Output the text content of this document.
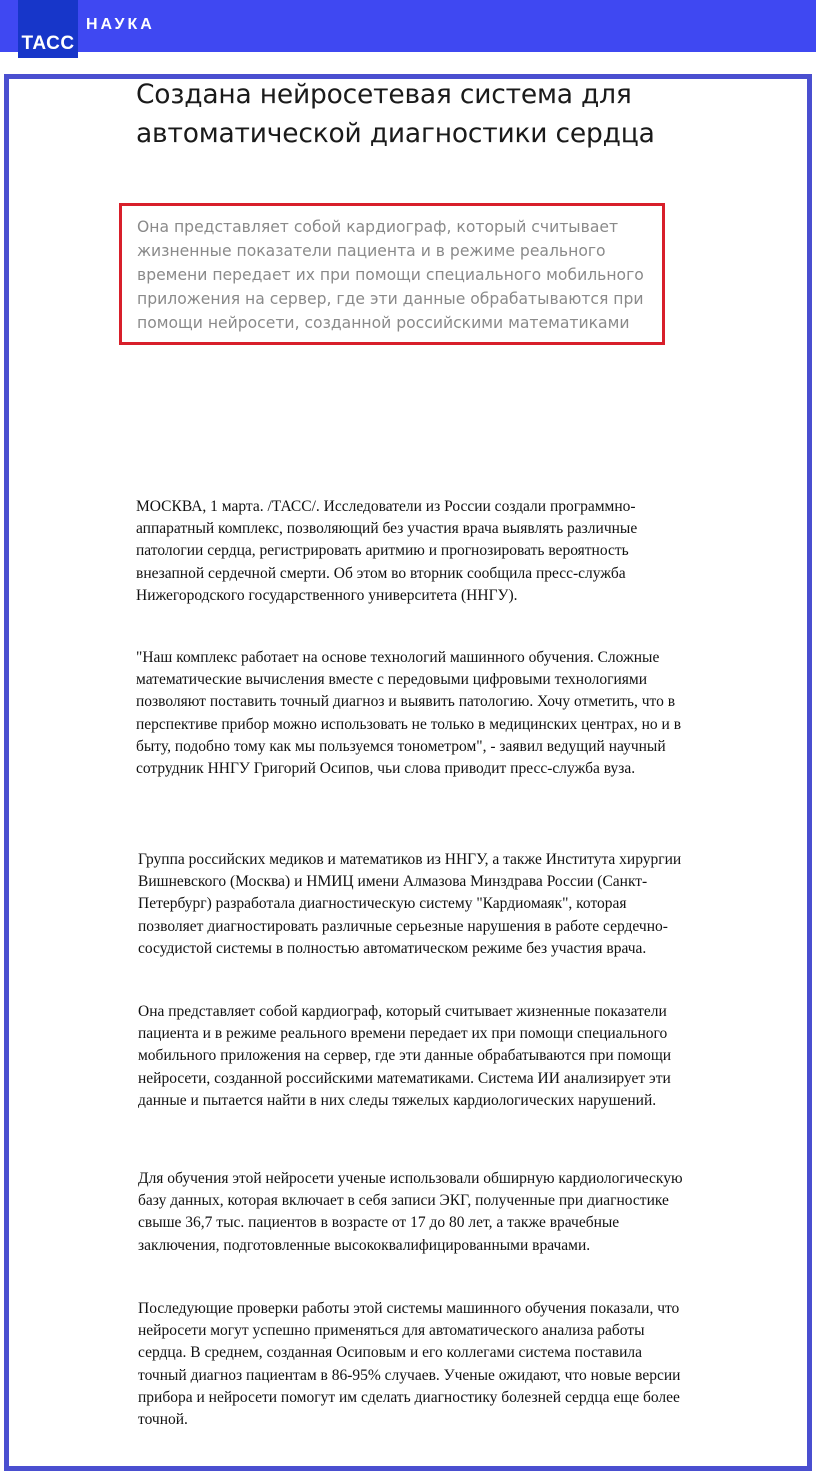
ТАСС
НАУКА
Создана нейросетевая система для автоматической диагностики сердца

Она представляет собой кардиограф, который считывает жизненные показатели пациента и в режиме реального времени передает их при помощи специального мобильного приложения на сервер, где эти данные обрабатываются при помощи нейросети, созданной российскими математиками

МОСКВА, 1 марта. /ТАСС/. Исследователи из России создали программно-аппаратный комплекс, позволяющий без участия врача выявлять различные патологии сердца, регистрировать аритмию и прогнозировать вероятность внезапной сердечной смерти. Об этом во вторник сообщила пресс-служба Нижегородского государственного университета (ННГУ).

"Наш комплекс работает на основе технологий машинного обучения. Сложные математические вычисления вместе с передовыми цифровыми технологиями позволяют поставить точный диагноз и выявить патологию. Хочу отметить, что в перспективе прибор можно использовать не только в медицинских центрах, но и в быту, подобно тому как мы пользуемся тонометром", - заявил ведущий научный сотрудник ННГУ Григорий Осипов, чьи слова приводит пресс-служба вуза.

Группа российских медиков и математиков из ННГУ, а также Института хирургии Вишневского (Москва) и НМИЦ имени Алмазова Минздрава России (Санкт-Петербург) разработала диагностическую систему "Кардиомаяк", которая позволяет диагностировать различные серьезные нарушения в работе сердечно-сосудистой системы в полностью автоматическом режиме без участия врача.

Она представляет собой кардиограф, который считывает жизненные показатели пациента и в режиме реального времени передает их при помощи специального мобильного приложения на сервер, где эти данные обрабатываются при помощи нейросети, созданной российскими математиками. Система ИИ анализирует эти данные и пытается найти в них следы тяжелых кардиологических нарушений.

Для обучения этой нейросети ученые использовали обширную кардиологическую базу данных, которая включает в себя записи ЭКГ, полученные при диагностике свыше 36,7 тыс. пациентов в возрасте от 17 до 80 лет, а также врачебные заключения, подготовленные высококвалифицированными врачами.

Последующие проверки работы этой системы машинного обучения показали, что нейросети могут успешно применяться для автоматического анализа работы сердца. В среднем, созданная Осиповым и его коллегами система поставила точный диагноз пациентам в 86-95% случаев. Ученые ожидают, что новые версии прибора и нейросети помогут им сделать диагностику болезней сердца еще более точной.
